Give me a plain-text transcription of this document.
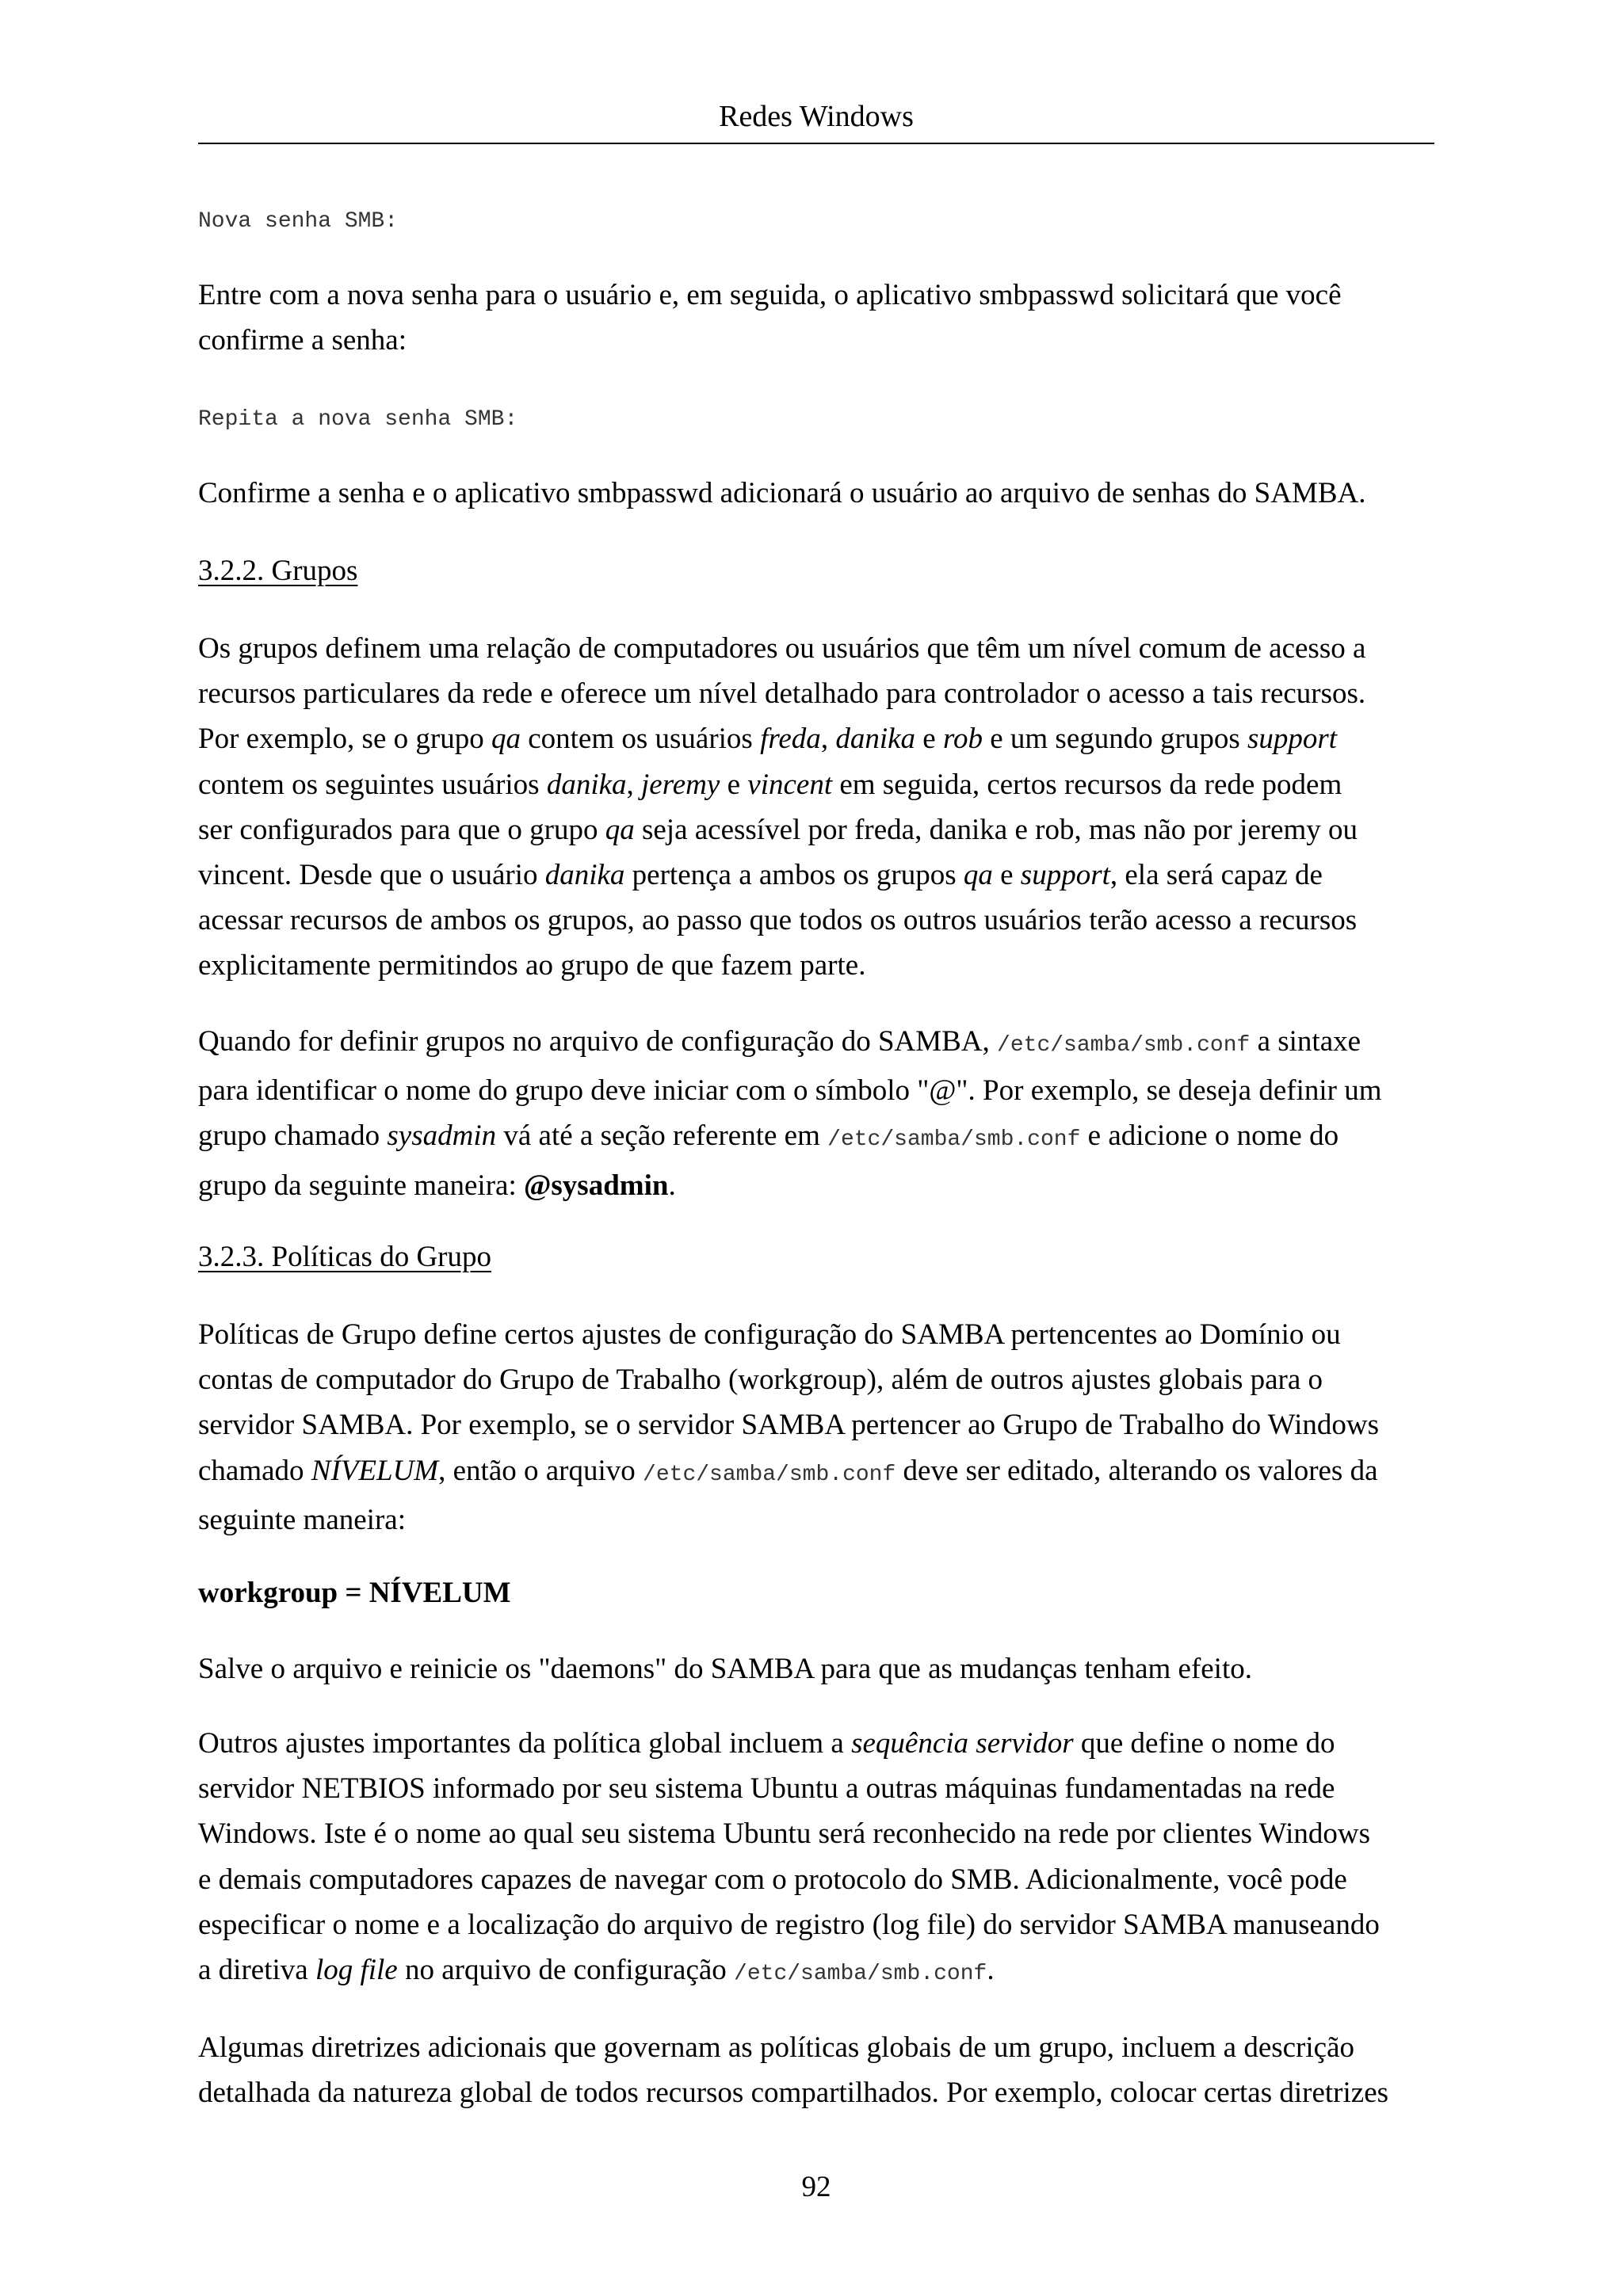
Redes Windows
Nova senha SMB:
Entre com a nova senha para o usuário e, em seguida, o aplicativo smbpasswd solicitará que você
confirme a senha:
Repita a nova senha SMB:
Confirme a senha e o aplicativo smbpasswd adicionará o usuário ao arquivo de senhas do SAMBA.
3.2.2. Grupos
Os grupos definem uma relação de computadores ou usuários que têm um nível comum de acesso a
recursos particulares da rede e oferece um nível detalhado para controlador o acesso a tais recursos.
Por exemplo, se o grupo qa contem os usuários freda, danika e rob e um segundo grupos support
contem os seguintes usuários danika, jeremy e vincent em seguida, certos recursos da rede podem
ser configurados para que o grupo qa seja acessível por freda, danika e rob, mas não por jeremy ou
vincent. Desde que o usuário danika pertença a ambos os grupos qa e support, ela será capaz de
acessar recursos de ambos os grupos, ao passo que todos os outros usuários terão acesso a recursos
explicitamente permitindos ao grupo de que fazem parte.
Quando for definir grupos no arquivo de configuração do SAMBA, /etc/samba/smb.conf a sintaxe
para identificar o nome do grupo deve iniciar com o símbolo "@". Por exemplo, se deseja definir um
grupo chamado sysadmin vá até a seção referente em /etc/samba/smb.conf e adicione o nome do
grupo da seguinte maneira: @sysadmin.
3.2.3. Políticas do Grupo
Políticas de Grupo define certos ajustes de configuração do SAMBA pertencentes ao Domínio ou
contas de computador do Grupo de Trabalho (workgroup), além de outros ajustes globais para o
servidor SAMBA. Por exemplo, se o servidor SAMBA pertencer ao Grupo de Trabalho do Windows
chamado NÍVELUM, então o arquivo /etc/samba/smb.conf deve ser editado, alterando os valores da
seguinte maneira:
workgroup = NÍVELUM
Salve o arquivo e reinicie os "daemons" do SAMBA para que as mudanças tenham efeito.
Outros ajustes importantes da política global incluem a sequência servidor que define o nome do
servidor NETBIOS informado por seu sistema Ubuntu a outras máquinas fundamentadas na rede
Windows. Iste é o nome ao qual seu sistema Ubuntu será reconhecido na rede por clientes Windows
e demais computadores capazes de navegar com o protocolo do SMB. Adicionalmente, você pode
especificar o nome e a localização do arquivo de registro (log file) do servidor SAMBA manuseando
a diretiva log file no arquivo de configuração /etc/samba/smb.conf.
Algumas diretrizes adicionais que governam as políticas globais de um grupo, incluem a descrição
detalhada da natureza global de todos recursos compartilhados. Por exemplo, colocar certas diretrizes
92
